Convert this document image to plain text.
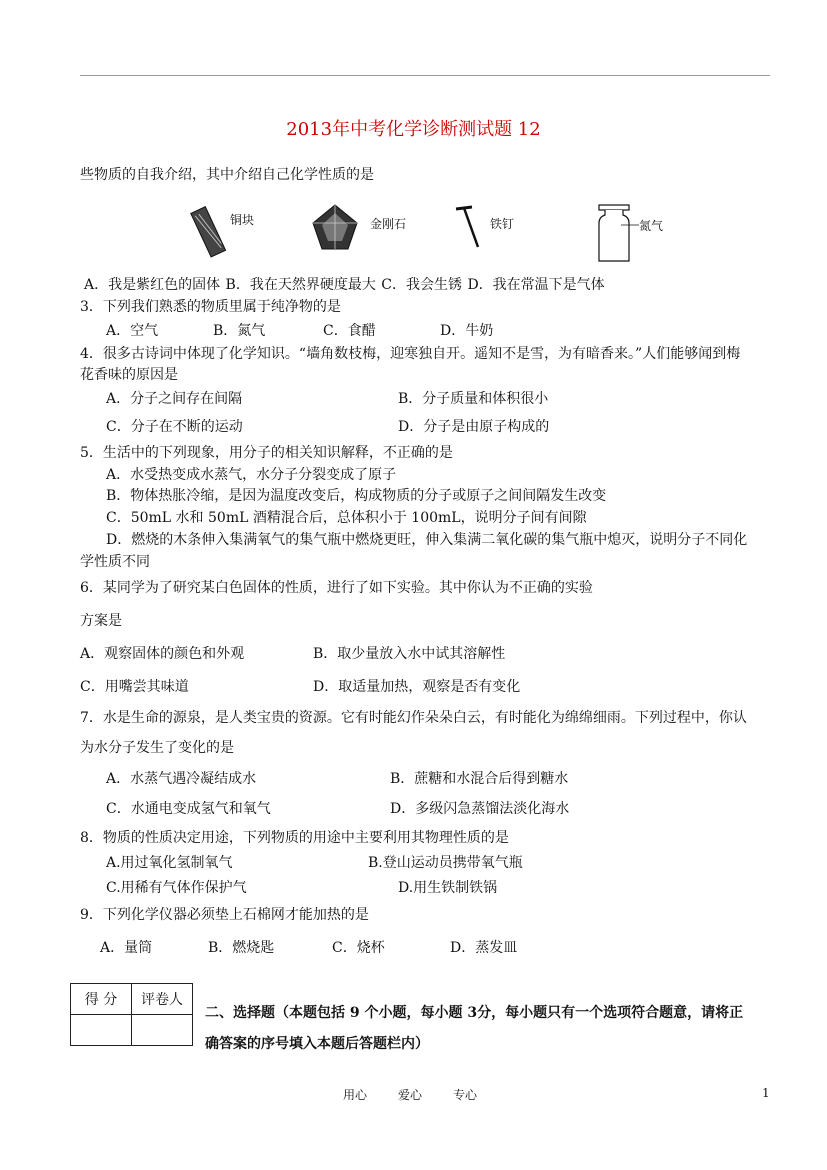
2013年中考化学诊断测试题 12
些物质的自我介绍，其中介绍自己化学性质的是
铜块	金刚石	铁钉	氮气
A．我是紫红色的固体 B．我在天然界硬度最大 C．我会生锈 D．我在常温下是气体
3．下列我们熟悉的物质里属于纯净物的是
A．空气	B．氮气	C．食醋	D．牛奶
4．很多古诗词中体现了化学知识。“墙角数枝梅，迎寒独自开。遥知不是雪，为有暗香来。”人们能够闻到梅
花香味的原因是
A．分子之间存在间隔	B．分子质量和体积很小
C．分子在不断的运动	D．分子是由原子构成的
5．生活中的下列现象，用分子的相关知识解释，不正确的是
A．水受热变成水蒸气，水分子分裂变成了原子
B．物体热胀冷缩，是因为温度改变后，构成物质的分子或原子之间间隔发生改变
C．50mL 水和 50mL 酒精混合后，总体积小于 100mL，说明分子间有间隙
D．燃烧的木条伸入集满氧气的集气瓶中燃烧更旺，伸入集满二氧化碳的集气瓶中熄灭，说明分子不同化
学性质不同
6．某同学为了研究某白色固体的性质，进行了如下实验。其中你认为不正确的实验
方案是
A．观察固体的颜色和外观	B．取少量放入水中试其溶解性
C．用嘴尝其味道	D．取适量加热，观察是否有变化
7．水是生命的源泉，是人类宝贵的资源。它有时能幻作朵朵白云，有时能化为绵绵细雨。下列过程中，你认
为水分子发生了变化的是
A．水蒸气遇冷凝结成水	B．蔗糖和水混合后得到糖水
C．水通电变成氢气和氧气	D．多级闪急蒸馏法淡化海水
8．物质的性质决定用途，下列物质的用途中主要利用其物理性质的是
A.用过氧化氢制氧气	B.登山运动员携带氧气瓶
C.用稀有气体作保护气	D.用生铁制铁锅
9．下列化学仪器必须垫上石棉网才能加热的是
A．量筒	B．燃烧匙	C．烧杯	D．蒸发皿
得 分	评卷人

二、选择题（本题包括 9 个小题，每小题 3分，每小题只有一个选项符合题意，请将正
确答案的序号填入本题后答题栏内）
用心	爱心	专心	1
